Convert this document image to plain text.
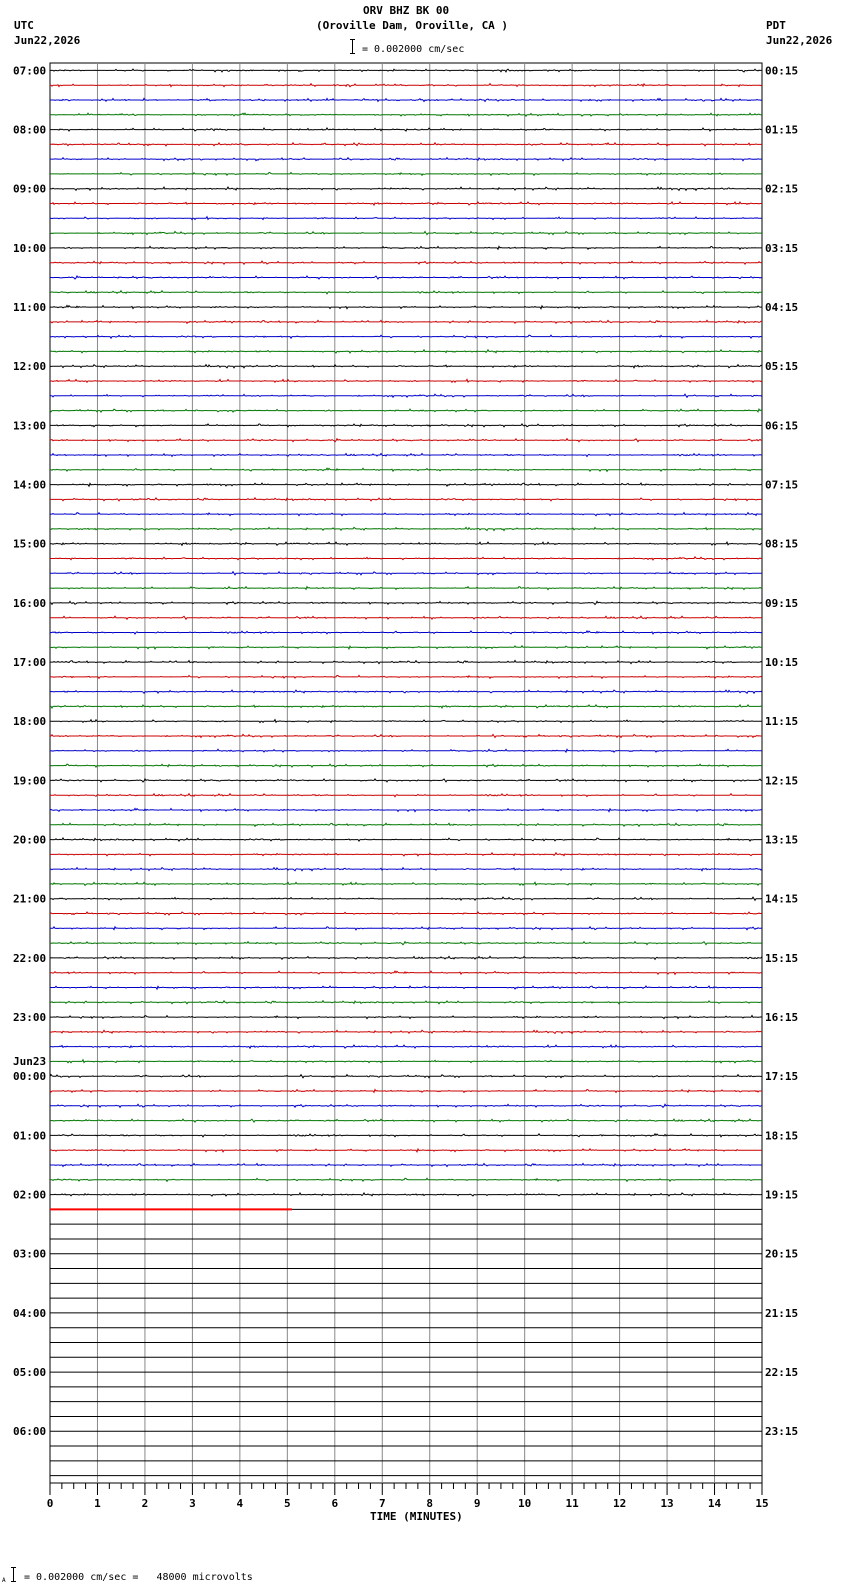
ORV BHZ BK 00
(Oroville Dam, Oroville, CA )
UTC
Jun22,2026
PDT
Jun22,2026
= 0.002000 cm/sec
07:00
08:00
09:00
10:00
11:00
12:00
13:00
14:00
15:00
16:00
17:00
18:00
19:00
20:00
21:00
22:00
23:00
00:00
01:00
02:00
03:00
04:00
05:00
06:00
00:15
01:15
02:15
03:15
04:15
05:15
06:15
07:15
08:15
09:15
10:15
11:15
12:15
13:15
14:15
15:15
16:15
17:15
18:15
19:15
20:15
21:15
22:15
23:15
Jun23
0	1	2	3	4	5	6	7	8	9	10	11	12	13	14	15
TIME (MINUTES)
A = 0.002000 cm/sec =   48000 microvolts
